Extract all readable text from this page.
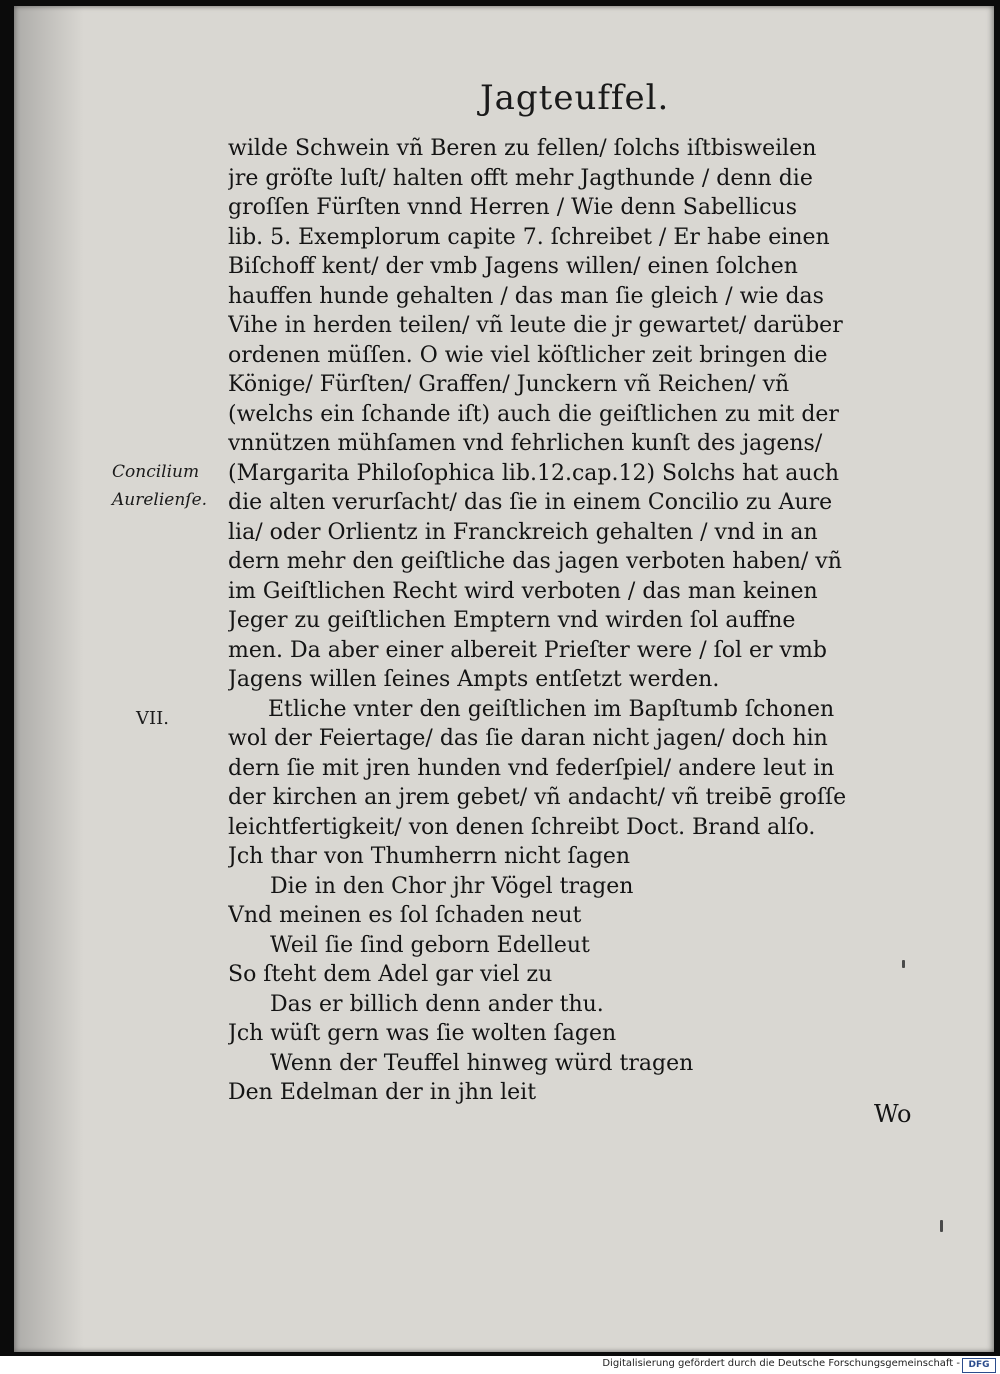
Jagteuffel.
Concilium
Aurelienſe.
VII.
wilde Schwein vñ Beren zu fellen/ ſolchs iſtbisweilen
jre gröſte luſt/ halten offt mehr Jagthunde / denn die
groſſen Fürſten vnnd Herren / Wie denn Sabellicus
lib. 5. Exemplorum capite 7. ſchreibet / Er habe einen
Biſchoff kent/ der vmb Jagens willen/ einen ſolchen
hauffen hunde gehalten / das man ſie gleich / wie das
Vihe in herden teilen/ vñ leute die jr gewartet/ darüber
ordenen müſſen. O wie viel köſtlicher zeit bringen die
Könige/ Fürſten/ Graffen/ Junckern vñ Reichen/ vñ
(welchs ein ſchande iſt) auch die geiſtlichen zu mit der
vnnützen mühſamen vnd fehrlichen kunſt des jagens/
(Margarita Philoſophica lib.12.cap.12) Solchs hat auch
die alten verurſacht/ das ſie in einem Concilio zu Aure
lia/ oder Orlientz in Franckreich gehalten / vnd in an
dern mehr den geiſtliche das jagen verboten haben/ vñ
im Geiſtlichen Recht wird verboten / das man keinen
Jeger zu geiſtlichen Emptern vnd wirden ſol auffne
men. Da aber einer albereit Prieſter were / ſol er vmb
Jagens willen ſeines Ampts entſetzt werden.
Etliche vnter den geiſtlichen im Bapſtumb ſchonen
wol der Feiertage/ das ſie daran nicht jagen/ doch hin
dern ſie mit jren hunden vnd federſpiel/ andere leut in
der kirchen an jrem gebet/ vñ andacht/ vñ treibē groſſe
leichtfertigkeit/ von denen ſchreibt Doct. Brand alſo.
Jch thar von Thumherrn nicht ſagen
Die in den Chor jhr Vögel tragen
Vnd meinen es ſol ſchaden neut
Weil ſie ſind geborn Edelleut
So ſteht dem Adel gar viel zu
Das er billich denn ander thu.
Jch wüſt gern was ſie wolten ſagen
Wenn der Teuffel hinweg würd tragen
Den Edelman der in jhn leit
Wo
Digitalisierung gefördert durch die Deutsche Forschungsgemeinschaft - DFG
